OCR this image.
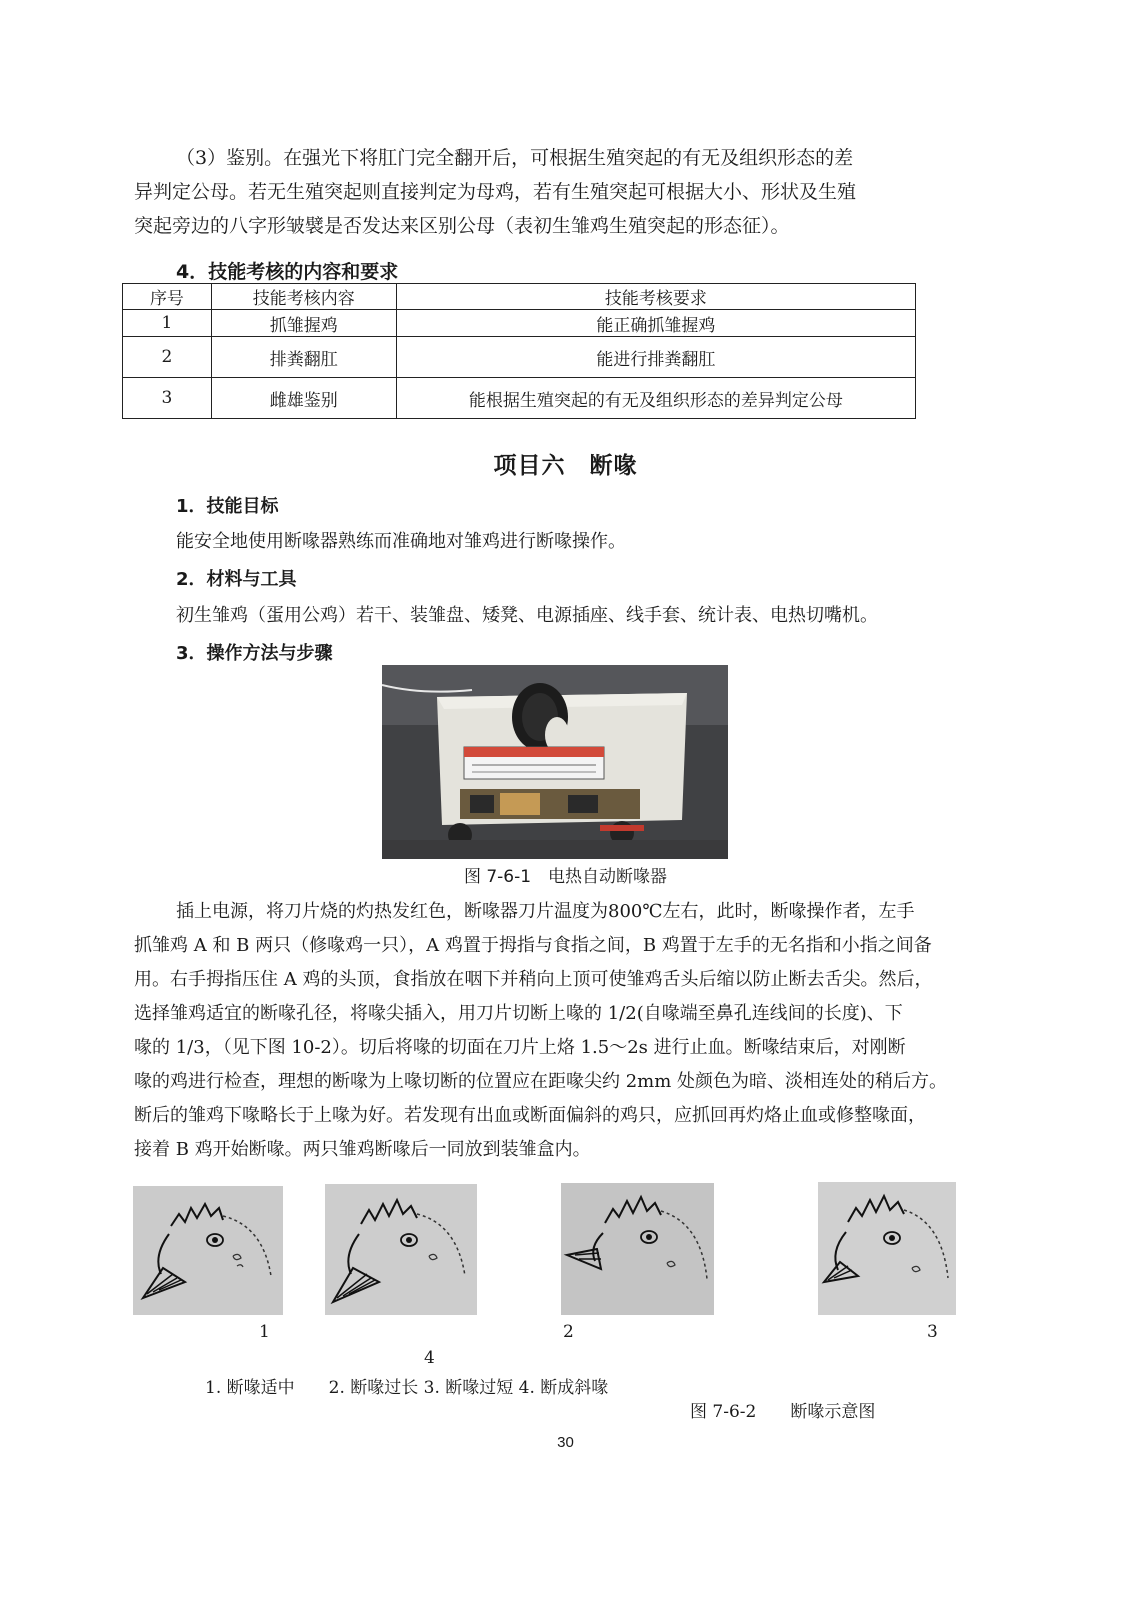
（3）鉴别。在强光下将肛门完全翻开后，可根据生殖突起的有无及组织形态的差
异判定公母。若无生殖突起则直接判定为母鸡，若有生殖突起可根据大小、形状及生殖
突起旁边的八字形皱襞是否发达来区别公母（表初生雏鸡生殖突起的形态征）。
4．技能考核的内容和要求
序号	技能考核内容	技能考核要求
1	抓雏握鸡	能正确抓雏握鸡
2	排粪翻肛	能进行排粪翻肛
3	雌雄鉴别	能根据生殖突起的有无及组织形态的差异判定公母
项目六　断喙
1．技能目标
能安全地使用断喙器熟练而准确地对雏鸡进行断喙操作。
2．材料与工具
初生雏鸡（蛋用公鸡）若干、装雏盘、矮凳、电源插座、线手套、统计表、电热切嘴机。
3．操作方法与步骤
图 7-6-1　电热自动断喙器
插上电源，将刀片烧的灼热发红色，断喙器刀片温度为800℃左右，此时，断喙操作者，左手
抓雏鸡 A 和 B 两只（修喙鸡一只），A 鸡置于拇指与食指之间，B 鸡置于左手的无名指和小指之间备
用。右手拇指压住 A 鸡的头顶，食指放在咽下并稍向上顶可使雏鸡舌头后缩以防止断去舌尖。然后，
选择雏鸡适宜的断喙孔径，将喙尖插入，用刀片切断上喙的 1/2(自喙端至鼻孔连线间的长度)、下
喙的 1/3，（见下图 10-2）。切后将喙的切面在刀片上烙 1.5～2s 进行止血。断喙结束后，对刚断
喙的鸡进行检查，理想的断喙为上喙切断的位置应在距喙尖约 2mm 处颜色为暗、淡相连处的稍后方。
断后的雏鸡下喙略长于上喙为好。若发现有出血或断面偏斜的鸡只，应抓回再灼烙止血或修整喙面，
接着 B 鸡开始断喙。两只雏鸡断喙后一同放到装雏盒内。
1
4
2	3
1. 断喙适中　　2. 断喙过长 3. 断喙过短 4. 断成斜喙
图 7-6-2　　断喙示意图
30
